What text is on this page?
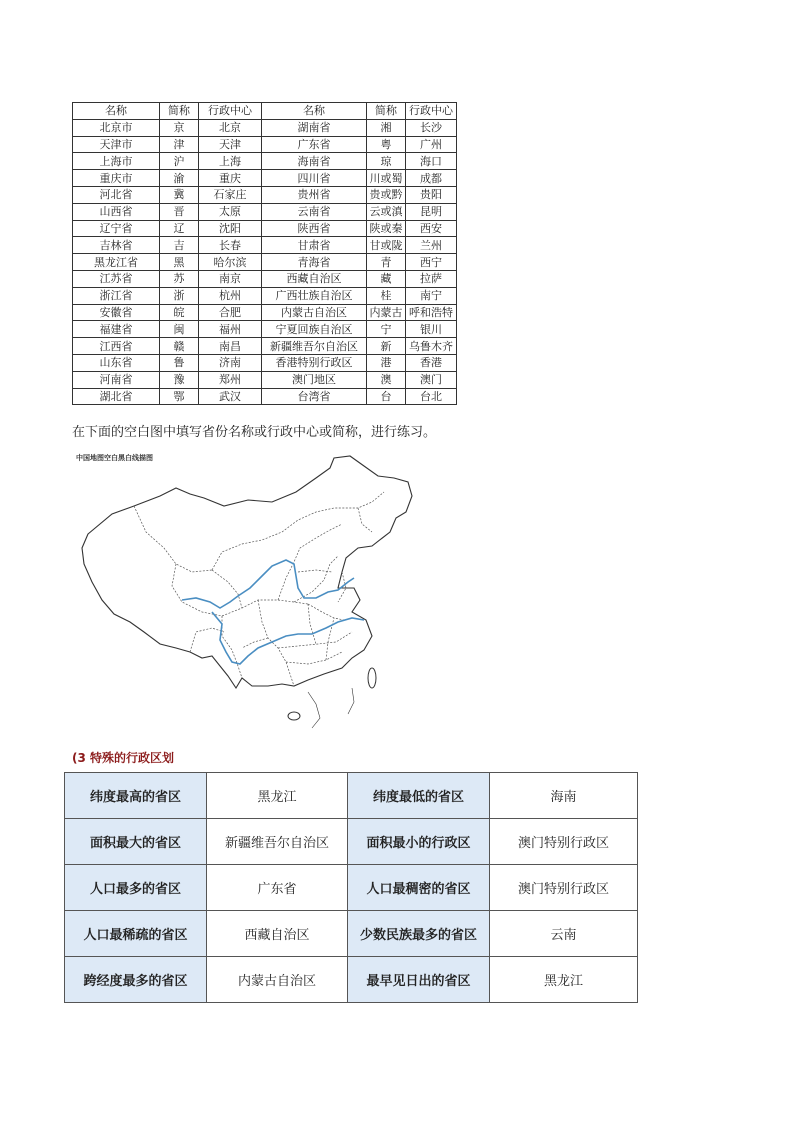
名称	简称	行政中心	名称	简称	行政中心
北京市	京	北京	湖南省	湘	长沙
天津市	津	天津	广东省	粤	广州
上海市	沪	上海	海南省	琼	海口
重庆市	渝	重庆	四川省	川或蜀	成都
河北省	冀	石家庄	贵州省	贵或黔	贵阳
山西省	晋	太原	云南省	云或滇	昆明
辽宁省	辽	沈阳	陕西省	陕或秦	西安
吉林省	吉	长春	甘肃省	甘或陇	兰州
黑龙江省	黑	哈尔滨	青海省	青	西宁
江苏省	苏	南京	西藏自治区	藏	拉萨
浙江省	浙	杭州	广西壮族自治区	桂	南宁
安徽省	皖	合肥	内蒙古自治区	内蒙古	呼和浩特
福建省	闽	福州	宁夏回族自治区	宁	银川
江西省	赣	南昌	新疆维吾尔自治区	新	乌鲁木齐
山东省	鲁	济南	香港特别行政区	港	香港
河南省	豫	郑州	澳门地区	澳	澳门
湖北省	鄂	武汉	台湾省	台	台北
在下面的空白图中填写省份名称或行政中心或简称，进行练习。
中国地图空白黑白线描图
(3 特殊的行政区划
纬度最高的省区	黑龙江	纬度最低的省区	海南
面积最大的省区	新疆维吾尔自治区	面积最小的行政区	澳门特别行政区
人口最多的省区	广东省	人口最稠密的省区	澳门特别行政区
人口最稀疏的省区	西藏自治区	少数民族最多的省区	云南
跨经度最多的省区	内蒙古自治区	最早见日出的省区	黑龙江
